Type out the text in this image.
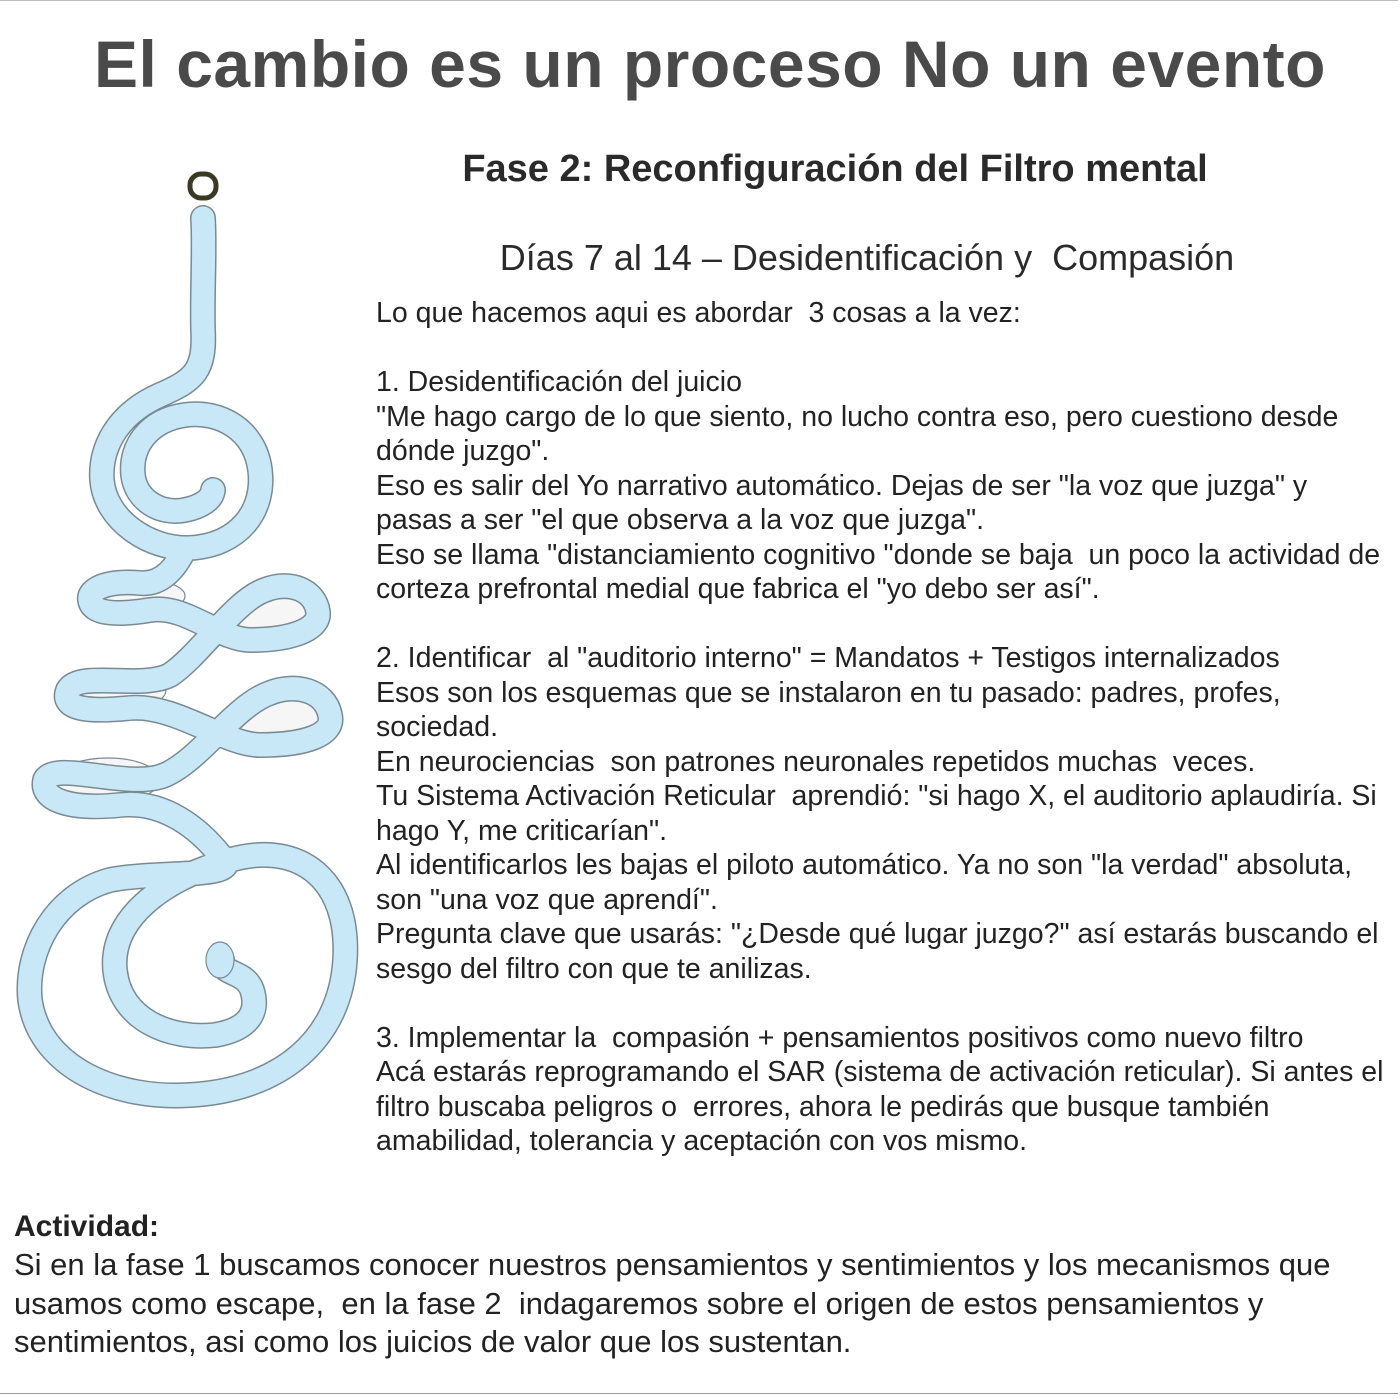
El cambio es un proceso No un evento
Fase 2: Reconfiguración del Filtro mental
Días 7 al 14 – Desidentificación y  Compasión

Lo que hacemos aqui es abordar  3 cosas a la vez:

1. Desidentificación del juicio

"Me hago cargo de lo que siento, no lucho contra eso, pero cuestiono desde dónde juzgo".

Eso es salir del Yo narrativo automático. Dejas de ser "la voz que juzga" y pasas a ser "el que observa a la voz que juzga".

Eso se llama "distanciamiento cognitivo "donde se baja  un poco la actividad de  corteza prefrontal medial que fabrica el "yo debo ser así".

2. Identificar  al "auditorio interno" = Mandatos + Testigos internalizados

Esos son los esquemas que se instalaron en tu pasado: padres, profes, sociedad.

En neurociencias  son patrones neuronales repetidos muchas  veces.

Tu Sistema Activación Reticular  aprendió: "si hago X, el auditorio aplaudiría. Si hago Y, me criticarían".

Al identificarlos les bajas el piloto automático. Ya no son "la verdad" absoluta, son "una voz que aprendí".

Pregunta clave que usarás: "¿Desde qué lugar juzgo?" así estarás buscando el sesgo del filtro con que te anilizas.

3. Implementar la  compasión + pensamientos positivos como nuevo filtro

Acá estarás reprogramando el SAR (sistema de activación reticular). Si antes el filtro buscaba peligros o  errores, ahora le pedirás que busque también amabilidad, tolerancia y aceptación con vos mismo.

Actividad:

Si en la fase 1 buscamos conocer nuestros pensamientos y sentimientos y los mecanismos que usamos como escape,  en la fase 2  indagaremos sobre el origen de estos pensamientos y sentimientos, asi como los juicios de valor que los sustentan.
